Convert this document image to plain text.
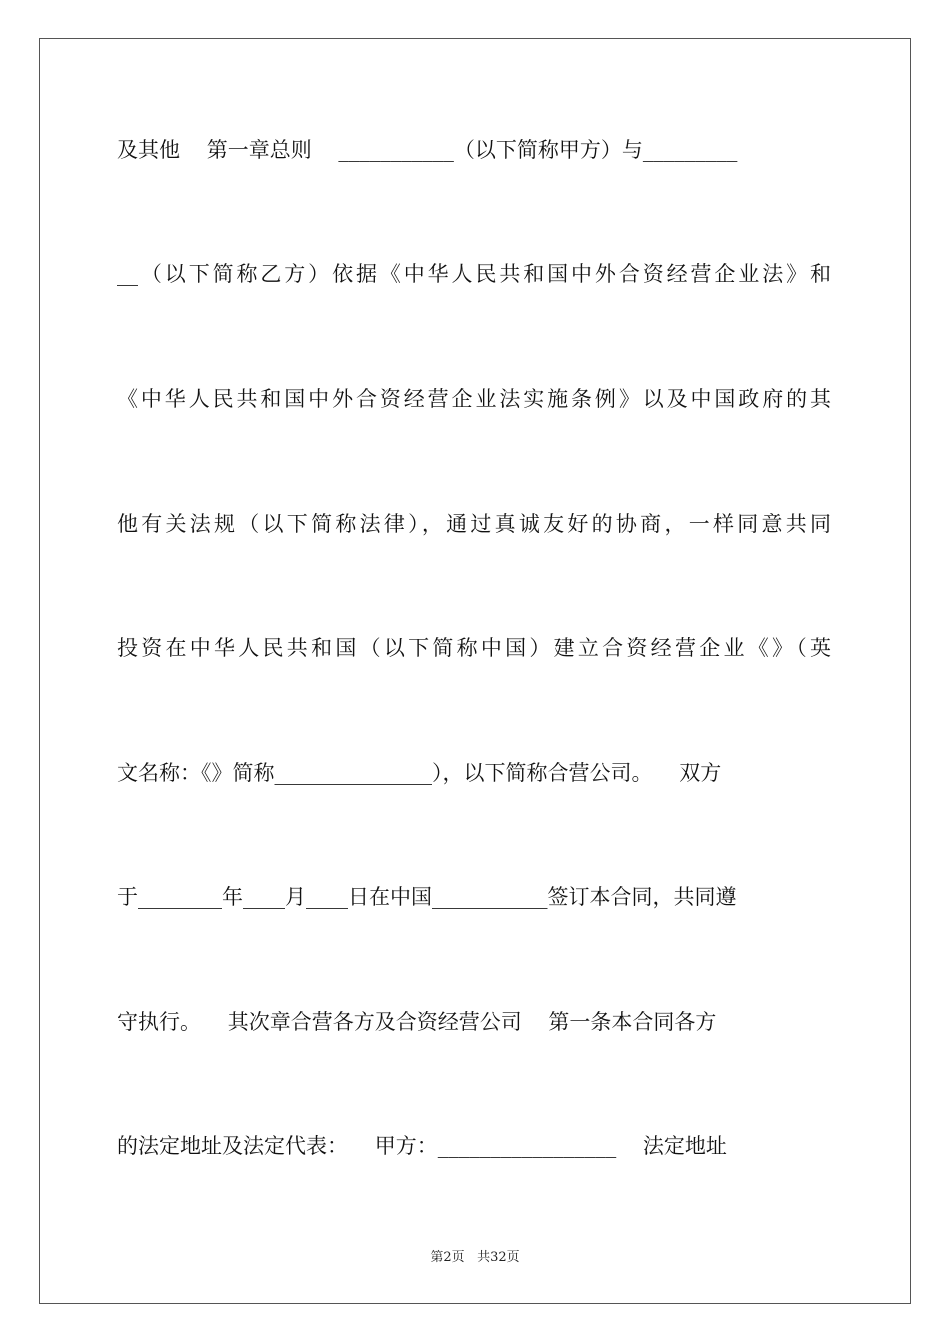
及其他    第一章总则    ___________（以下简称甲方）与_________
__（以下简称乙方）依据《中华人民共和国中外合资经营企业法》和
《中华人民共和国中外合资经营企业法实施条例》以及中国政府的其
他有关法规（以下简称法律），通过真诚友好的协商，一样同意共同
投资在中华人民共和国（以下简称中国）建立合资经营企业《》（英
文名称：《》简称_______________），以下简称合营公司。    双方
于________年____月____日在中国___________签订本合同，共同遵
守执行。    其次章合营各方及合资经营公司    第一条本合同各方
的法定地址及法定代表：    甲方：_________________    法定地址
第2页 共32页
